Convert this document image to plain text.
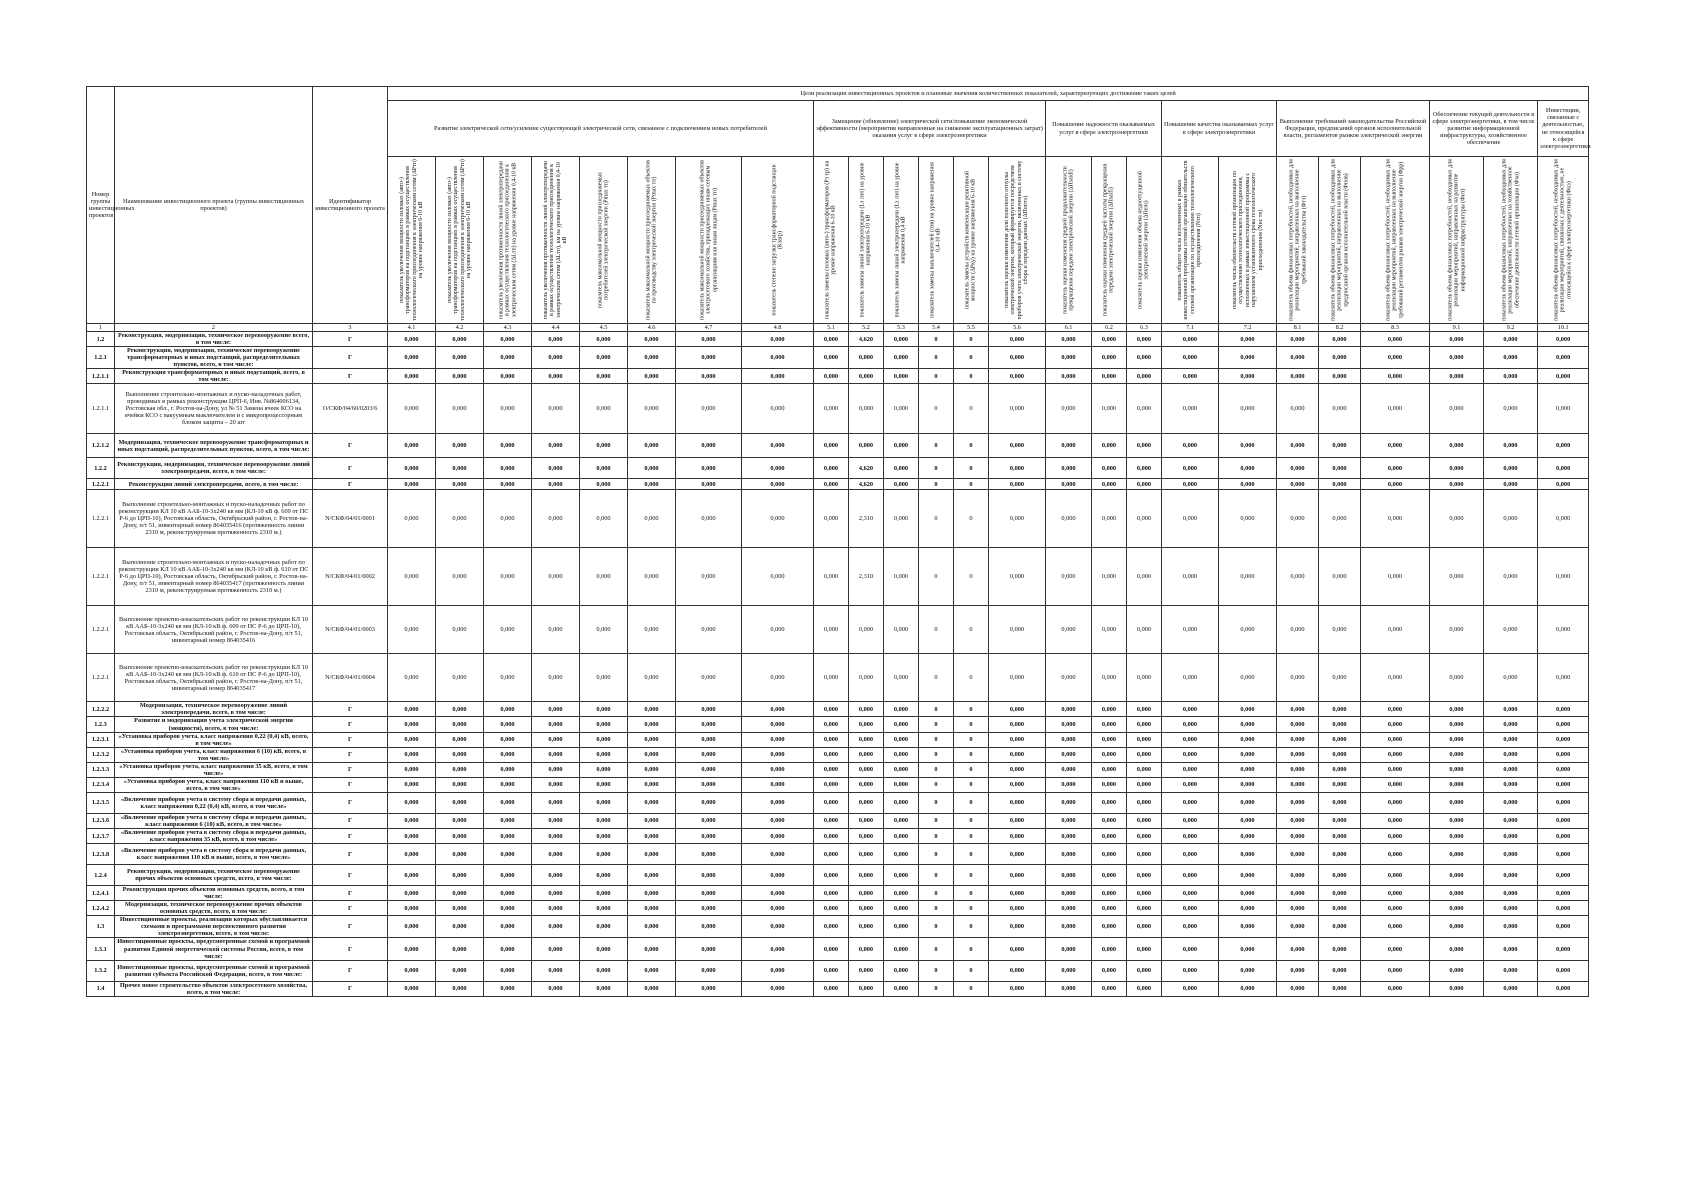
Номер группы инвестиционных проектов	Наименование инвестиционного проекта (группы инвестиционных проектов)	Идентификатор инвестиционного проекта	Цели реализации инвестиционных проектов и плановые значения количественных показателей, характеризующих достижение таких целей																								
			Развитие электрической сети/усиление существующей электрической сети, связанное с подключением новых потребителей								Замещение (обновление) электрической сети/повышение экономической эффективности (мероприятия направленные на снижение эксплуатационных затрат) оказания услуг в сфере электроэнергетики						Повышение надежности оказываемых услуг в сфере электроэнергетики			Повышение качества оказываемых услуг в сфере электроэнергетики		Выполнение требований законодательства Российской Федерации, предписаний органов исполнительной власти, регламентов рынков электрической энергии			Обеспечение текущей деятельности в сфере электроэнергетики, в том числе развитие информационной инфраструктуры, хозяйственное обеспечение		Инвестиции, связанные с деятельностью, не относящейся к сфере электроэнергетики

			показатель увеличения мощности силовых (авто-) трансформаторов на подстанциях в рамках осуществления технологического присоединения к электрическим сетям (ΔPтп) на уровне напряжения 6-10 кВ	показатель увеличения мощности силовых (авто-) трансформаторов на подстанциях в рамках осуществления технологического присоединения к электрическим сетям (ΔPтп) на уровне напряжения 6-10 кВ	показатель увеличения протяженности линий электропередачи в рамках осуществления технологического присоединения к электрическим сетям (ΔLтп) на уровне напряжения 0,4-10 кВ	показатель увеличения протяженности линий электропередачи в рамках осуществления технологического присоединения к электрическим сетям (ΔLтп), км на уровне напряжения 0,4-10 кВ	показатель максимальной мощности присоединяемых потребителей электрической энергии (Pmax тп)	показатель максимальной мощности присоединяемых объектов по производству электрической энергии (Pmax тп)	показатель максимальной мощности присоединяемых объектов электросетевого хозяйства, принадлежащих иным сетевым организациям или иным лицам (Pmax тп)	показатель степени загрузки трансформаторной подстанции (Кзагр)	показатель замены силовых (авто-) трансформаторов (Pз тр) на уровне напряжения 6-10 кВ	показатель замены линий электропередачи (Lз лэп) на уровне напряжения 6-10 кВ	показатель замены линий электропередачи (Lз лэп) на уровне напряжения 0,4 кВ	показатель замены выключателей (nзв) на уровне напряжения 0,4-10 кВ	показатель замены устройств компенсации реактивной мощности (ΔPку) на уровне напряжения 6-10 кВ	показатель оценки изменения доли полезного отпуска электрической энергии, который формируется посредством приборов учета электрической энергии, включенных в систему сбора и передачи данных (ΔПоптэ)	показатель оценки изменения средней продолжительности прекращения передачи электрической энергии (ΔПsaidi)	показатель оценки изменения средней частоты прекращения передачи электрической энергии (ΔПsaifi)	показатель оценки изменения объема недоотпущенной электрической энергии (ΔПens)	показатель общего числа исполненных в рамках инвестиционной программы сетевой организации обязательств сетевой организации по осуществлению технологического присоединения (Nтп)	показатель числа обязательств сетевой организации по осуществлению технологического присоединения, исполненных в рамках инвестиционной программы с нарушением установленного срока технологического присоединения (Nнс тп)	показатель объема финансовых потребностей, необходимых для реализации мероприятий, направленных на выполнение требований законодательства (Фтз)	показатель объема финансовых потребностей, необходимых для реализации мероприятий, направленных на выполнение предписаний органов исполнительной власти (Фпов)	показатель объема финансовых потребностей, необходимых для реализации мероприятий, направленных на выполнение требований регламентов рынков электрической энергии (Фрр)	показатель объема финансовых потребностей, необходимых для реализации мероприятий, направленных на развитие информационной инфраструктуры (Фит)	показатель объема финансовых потребностей, необходимых для реализации мероприятий, направленных на хозяйственное обеспечение деятельности сетевой организации (Фхо)	показатель объема финансовых потребностей, необходимых для реализации мероприятий, связанных с деятельностью, не относящейся к сфере электроэнергетики (Фнэ)

1	2	3	4.1	4.2	4.3	4.4	4.5	4.6	4.7	4.8	5.1	5.2	5.3	5.4	5.5	5.6	6.1	6.2	6.3	7.1	7.2	8.1	8.2	8.3	9.1	9.2	10.1
1.2	Реконструкция, модернизация, техническое перевооружение всего, в том числе:	Г	0,000	0,000	0,000	0,000	0,000	0,000	0,000	0,000	0,000	4,620	0,000	0	0	0,000	0,000	0,000	0,000	0,000	0,000	0,000	0,000	0,000	0,000	0,000	0,000
1.2.1	Реконструкция, модернизация, техническое перевооружение трансформаторных и иных подстанций, распределительных пунктов, всего, в том числе:	Г	0,000	0,000	0,000	0,000	0,000	0,000	0,000	0,000	0,000	0,000	0,000	0	0	0,000	0,000	0,000	0,000	0,000	0,000	0,000	0,000	0,000	0,000	0,000	0,000
1.2.1.1	Реконструкция трансформаторных и иных подстанций, всего, в том числе:	Г	0,000	0,000	0,000	0,000	0,000	0,000	0,000	0,000	0,000	0,000	0,000	0	0	0,000	0,000	0,000	0,000	0,000	0,000	0,000	0,000	0,000	0,000	0,000	0,000
1.2.1.1	Выполнение строительно-монтажных и пуско-наладочных работ, проводимых в рамках реконструкции ЦРП-6, Инв. №864006134, Ростовская обл., г. Ростов-на-Дону, ул № 51 Замена ячеек КСО на ячейки КСО с вакуумным выключателем и с микропроцессорным блоком защиты – 20 шт	О/СКФ/04/60/0203/6	0,000	0,000	0,000	0,000	0,000	0,000	0,000	0,000	0,000	0,000	0,000	0	0	0,000	0,000	0,000	0,000	0,000	0,000	0,000	0,000	0,000	0,000	0,000	0,000
1.2.1.2	Модернизация, техническое перевооружение трансформаторных и иных подстанций, распределительных пунктов, всего, в том числе:	Г	0,000	0,000	0,000	0,000	0,000	0,000	0,000	0,000	0,000	0,000	0,000	0	0	0,000	0,000	0,000	0,000	0,000	0,000	0,000	0,000	0,000	0,000	0,000	0,000
1.2.2	Реконструкция, модернизация, техническое перевооружение линий электропередачи, всего, в том числе:	Г	0,000	0,000	0,000	0,000	0,000	0,000	0,000	0,000	0,000	4,620	0,000	0	0	0,000	0,000	0,000	0,000	0,000	0,000	0,000	0,000	0,000	0,000	0,000	0,000
1.2.2.1	Реконструкция линий электропередачи, всего, в том числе:	Г	0,000	0,000	0,000	0,000	0,000	0,000	0,000	0,000	0,000	4,620	0,000	0	0	0,000	0,000	0,000	0,000	0,000	0,000	0,000	0,000	0,000	0,000	0,000	0,000
1.2.2.1	Выполнение строительно-монтажных и пуско-наладочных работ по реконструкции КЛ 10 кВ ААБ-10-3х240 кв мм (КЛ-10 кВ ф. 609 от ПС Р-6 до ЦРП-10), Ростовская область, Октябрьский район, г. Ростов-на-Дону, п/т 51, инвентарный номер 864035416 (протяженность линии 2310 м, реконструируемая протяженность 2310 м.)	N/СКФ/04/01/0001	0,000	0,000	0,000	0,000	0,000	0,000	0,000	0,000	0,000	2,310	0,000	0	0	0,000	0,000	0,000	0,000	0,000	0,000	0,000	0,000	0,000	0,000	0,000	0,000
1.2.2.1	Выполнение строительно-монтажных и пуско-наладочных работ по реконструкции КЛ 10 кВ ААБ-10-3х240 кв мм (КЛ-10 кВ ф. 610 от ПС Р-6 до ЦРП-10), Ростовская область, Октябрьский район, г. Ростов-на-Дону, п/т 51, инвентарный номер 864035417 (протяженность линии 2310 м, реконструируемая протяженность 2310 м.)	N/СКФ/04/01/0002	0,000	0,000	0,000	0,000	0,000	0,000	0,000	0,000	0,000	2,310	0,000	0	0	0,000	0,000	0,000	0,000	0,000	0,000	0,000	0,000	0,000	0,000	0,000	0,000
1.2.2.1	Выполнение проектно-изыскательских работ по реконструкции КЛ 10 кВ ААБ-10-3х240 кв мм (КЛ-10 кВ ф. 609 от ПС Р-6 до ЦРП-10), Ростовская область, Октябрьский район, г. Ростов-на-Дону, п/т 51, инвентарный номер 864035416	N/СКФ/04/01/0003	0,000	0,000	0,000	0,000	0,000	0,000	0,000	0,000	0,000	0,000	0,000	0	0	0,000	0,000	0,000	0,000	0,000	0,000	0,000	0,000	0,000	0,000	0,000	0,000
1.2.2.1	Выполнение проектно-изыскательских работ по реконструкции КЛ 10 кВ ААБ-10-3х240 кв мм (КЛ-10 кВ ф. 610 от ПС Р-6 до ЦРП-10), Ростовская область, Октябрьский район, г. Ростов-на-Дону, п/т 51, инвентарный номер 864035417	N/СКФ/04/01/0004	0,000	0,000	0,000	0,000	0,000	0,000	0,000	0,000	0,000	0,000	0,000	0	0	0,000	0,000	0,000	0,000	0,000	0,000	0,000	0,000	0,000	0,000	0,000	0,000
1.2.2.2	Модернизация, техническое перевооружение линий электропередачи, всего, в том числе:	Г	0,000	0,000	0,000	0,000	0,000	0,000	0,000	0,000	0,000	0,000	0,000	0	0	0,000	0,000	0,000	0,000	0,000	0,000	0,000	0,000	0,000	0,000	0,000	0,000
1.2.3	Развитие и модернизация учета электрической энергии (мощности), всего, в том числе:	Г	0,000	0,000	0,000	0,000	0,000	0,000	0,000	0,000	0,000	0,000	0,000	0	0	0,000	0,000	0,000	0,000	0,000	0,000	0,000	0,000	0,000	0,000	0,000	0,000
1.2.3.1	«Установка приборов учета, класс напряжения 0,22 (0,4) кВ, всего, в том числе»	Г	0,000	0,000	0,000	0,000	0,000	0,000	0,000	0,000	0,000	0,000	0,000	0	0	0,000	0,000	0,000	0,000	0,000	0,000	0,000	0,000	0,000	0,000	0,000	0,000
1.2.3.2	«Установка приборов учета, класс напряжения 6 (10) кВ, всего, в том числе»	Г	0,000	0,000	0,000	0,000	0,000	0,000	0,000	0,000	0,000	0,000	0,000	0	0	0,000	0,000	0,000	0,000	0,000	0,000	0,000	0,000	0,000	0,000	0,000	0,000
1.2.3.3	«Установка приборов учета, класс напряжения 35 кВ, всего, в том числе»	Г	0,000	0,000	0,000	0,000	0,000	0,000	0,000	0,000	0,000	0,000	0,000	0	0	0,000	0,000	0,000	0,000	0,000	0,000	0,000	0,000	0,000	0,000	0,000	0,000
1.2.3.4	«Установка приборов учета, класс напряжения 110 кВ и выше, всего, в том числе»	Г	0,000	0,000	0,000	0,000	0,000	0,000	0,000	0,000	0,000	0,000	0,000	0	0	0,000	0,000	0,000	0,000	0,000	0,000	0,000	0,000	0,000	0,000	0,000	0,000
1.2.3.5	«Включение приборов учета в систему сбора и передачи данных, класс напряжения 0,22 (0,4) кВ, всего, в том числе»	Г	0,000	0,000	0,000	0,000	0,000	0,000	0,000	0,000	0,000	0,000	0,000	0	0	0,000	0,000	0,000	0,000	0,000	0,000	0,000	0,000	0,000	0,000	0,000	0,000
1.2.3.6	«Включение приборов учета в систему сбора и передачи данных, класс напряжения 6 (10) кВ, всего, в том числе»	Г	0,000	0,000	0,000	0,000	0,000	0,000	0,000	0,000	0,000	0,000	0,000	0	0	0,000	0,000	0,000	0,000	0,000	0,000	0,000	0,000	0,000	0,000	0,000	0,000
1.2.3.7	«Включение приборов учета в систему сбора и передачи данных, класс напряжения 35 кВ, всего, в том числе»	Г	0,000	0,000	0,000	0,000	0,000	0,000	0,000	0,000	0,000	0,000	0,000	0	0	0,000	0,000	0,000	0,000	0,000	0,000	0,000	0,000	0,000	0,000	0,000	0,000
1.2.3.8	«Включение приборов учета в систему сбора и передачи данных, класс напряжения 110 кВ и выше, всего, в том числе»	Г	0,000	0,000	0,000	0,000	0,000	0,000	0,000	0,000	0,000	0,000	0,000	0	0	0,000	0,000	0,000	0,000	0,000	0,000	0,000	0,000	0,000	0,000	0,000	0,000
1.2.4	Реконструкция, модернизация, техническое перевооружение прочих объектов основных средств, всего, в том числе:	Г	0,000	0,000	0,000	0,000	0,000	0,000	0,000	0,000	0,000	0,000	0,000	0	0	0,000	0,000	0,000	0,000	0,000	0,000	0,000	0,000	0,000	0,000	0,000	0,000
1.2.4.1	Реконструкция прочих объектов основных средств, всего, в том числе:	Г	0,000	0,000	0,000	0,000	0,000	0,000	0,000	0,000	0,000	0,000	0,000	0	0	0,000	0,000	0,000	0,000	0,000	0,000	0,000	0,000	0,000	0,000	0,000	0,000
1.2.4.2	Модернизация, техническое перевооружение прочих объектов основных средств, всего, в том числе:	Г	0,000	0,000	0,000	0,000	0,000	0,000	0,000	0,000	0,000	0,000	0,000	0	0	0,000	0,000	0,000	0,000	0,000	0,000	0,000	0,000	0,000	0,000	0,000	0,000
1.3	Инвестиционные проекты, реализация которых обуславливается схемами и программами перспективного развития электроэнергетики, всего, в том числе:	Г	0,000	0,000	0,000	0,000	0,000	0,000	0,000	0,000	0,000	0,000	0,000	0	0	0,000	0,000	0,000	0,000	0,000	0,000	0,000	0,000	0,000	0,000	0,000	0,000
1.3.1	Инвестиционные проекты, предусмотренные схемой и программой развития Единой энергетической системы России, всего, в том числе:	Г	0,000	0,000	0,000	0,000	0,000	0,000	0,000	0,000	0,000	0,000	0,000	0	0	0,000	0,000	0,000	0,000	0,000	0,000	0,000	0,000	0,000	0,000	0,000	0,000
1.3.2	Инвестиционные проекты, предусмотренные схемой и программой развития субъекта Российской Федерации, всего, в том числе:	Г	0,000	0,000	0,000	0,000	0,000	0,000	0,000	0,000	0,000	0,000	0,000	0	0	0,000	0,000	0,000	0,000	0,000	0,000	0,000	0,000	0,000	0,000	0,000	0,000
1.4	Прочее новое строительство объектов электросетевого хозяйства, всего, в том числе:	Г	0,000	0,000	0,000	0,000	0,000	0,000	0,000	0,000	0,000	0,000	0,000	0	0	0,000	0,000	0,000	0,000	0,000	0,000	0,000	0,000	0,000	0,000	0,000	0,000
